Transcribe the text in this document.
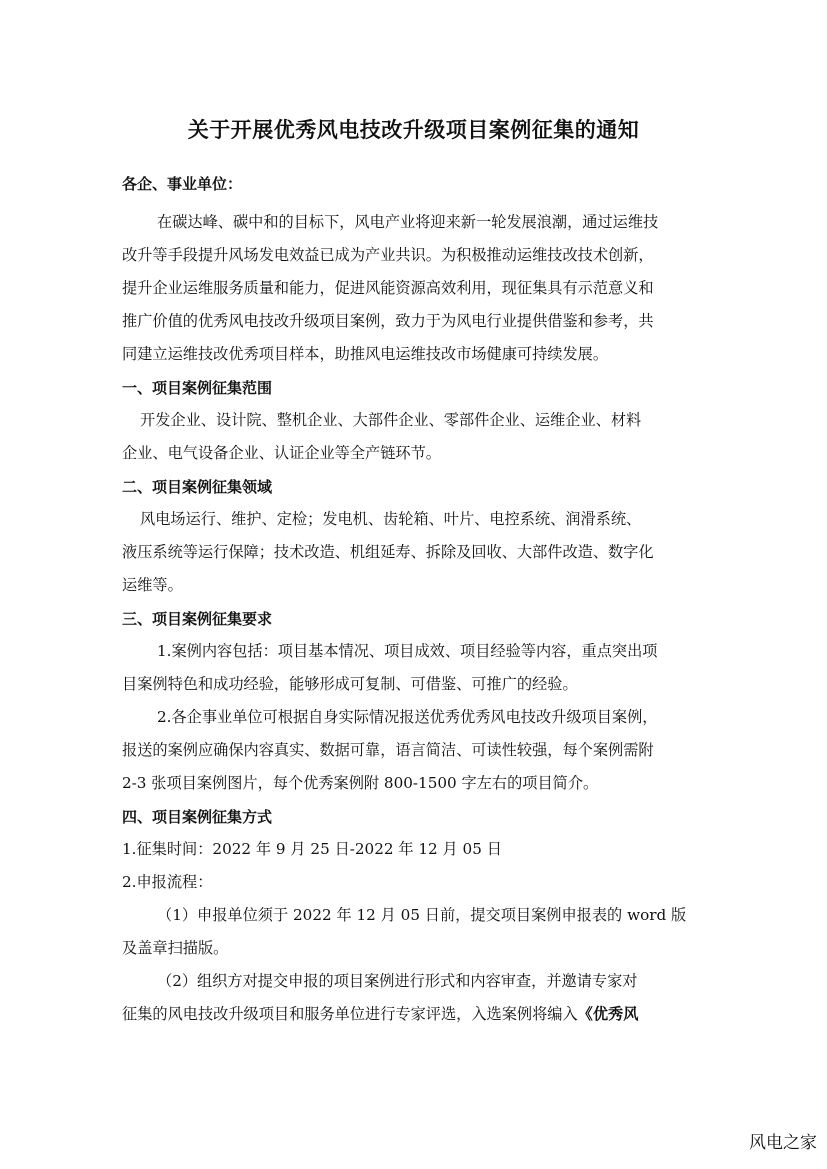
关于开展优秀风电技改升级项目案例征集的通知
各企、事业单位：
在碳达峰、碳中和的目标下，风电产业将迎来新一轮发展浪潮，通过运维技
改升等手段提升风场发电效益已成为产业共识。为积极推动运维技改技术创新，
提升企业运维服务质量和能力，促进风能资源高效利用，现征集具有示范意义和
推广价值的优秀风电技改升级项目案例，致力于为风电行业提供借鉴和参考，共
同建立运维技改优秀项目样本，助推风电运维技改市场健康可持续发展。
一、项目案例征集范围
开发企业、设计院、整机企业、大部件企业、零部件企业、运维企业、材料
企业、电气设备企业、认证企业等全产链环节。
二、项目案例征集领域
风电场运行、维护、定检；发电机、齿轮箱、叶片、电控系统、润滑系统、
液压系统等运行保障；技术改造、机组延寿、拆除及回收、大部件改造、数字化
运维等。
三、项目案例征集要求
1.案例内容包括：项目基本情况、项目成效、项目经验等内容，重点突出项
目案例特色和成功经验，能够形成可复制、可借鉴、可推广的经验。
2.各企事业单位可根据自身实际情况报送优秀优秀风电技改升级项目案例，
报送的案例应确保内容真实、数据可靠，语言简洁、可读性较强，每个案例需附
2-3 张项目案例图片，每个优秀案例附 800-1500 字左右的项目简介。
四、项目案例征集方式
1.征集时间：2022 年 9 月 25 日-2022 年 12 月 05 日
2.申报流程：
（1）申报单位须于 2022 年 12 月 05 日前，提交项目案例申报表的 word 版
及盖章扫描版。
（2）组织方对提交申报的项目案例进行形式和内容审查，并邀请专家对
征集的风电技改升级项目和服务单位进行专家评选，入选案例将编入《优秀风
风电之家
